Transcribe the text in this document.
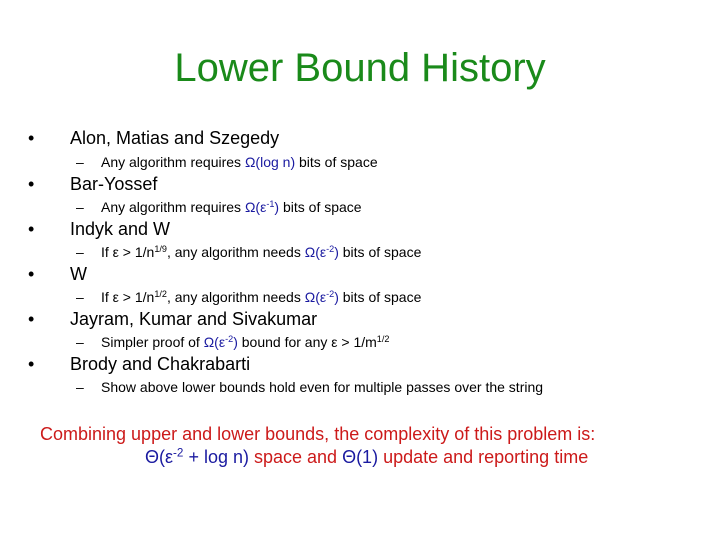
Lower Bound History
• Alon, Matias and Szegedy
– Any algorithm requires Ω(log n) bits of space
• Bar-Yossef
– Any algorithm requires $\Omega(\varepsilon^{-1})$ bits of space
• Indyk and W
– If $\varepsilon > 1/n^{1/9}$, any algorithm needs $\Omega(\varepsilon^{-2})$ bits of space
• W
– If $\varepsilon > 1/n^{1/2}$, any algorithm needs $\Omega(\varepsilon^{-2})$ bits of space
• Jayram, Kumar and Sivakumar
– Simpler proof of $\Omega(\varepsilon^{-2})$ bound for any $\varepsilon > 1/m^{1/2}$
• Brody and Chakrabarti
– Show above lower bounds hold even for multiple passes over the string
Combining upper and lower bounds, the complexity of this problem is:
$\Theta(\varepsilon^{-2} + \log n)$ space and Θ(1) update and reporting time
